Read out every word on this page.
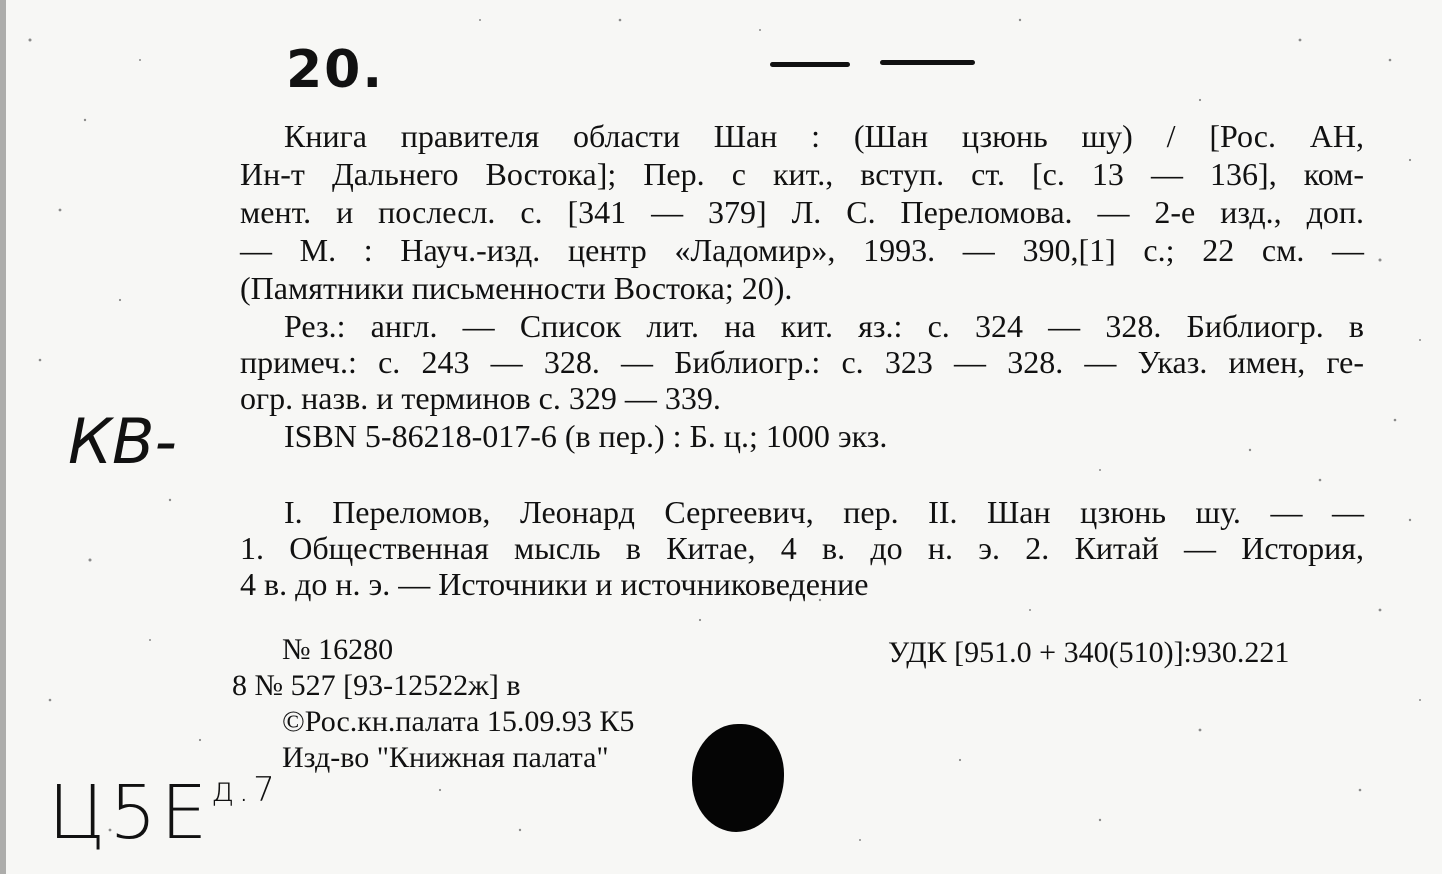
20.
Книга правителя области Шан : (Шан цзюнь шу) / [Рос. АН,
Ин-т Дальнего Востока]; Пер. с кит., вступ. ст. [с. 13 — 136], ком-
мент. и послесл. с. [341 — 379] Л. С. Переломова. — 2-е изд., доп.
— М. : Науч.-изд. центр «Ладомир», 1993. — 390,[1] с.; 22 см. —
(Памятники письменности Востока; 20).
Рез.: англ. — Список лит. на кит. яз.: с. 324 — 328. Библиогр. в
примеч.: с. 243 — 328. — Библиогр.: с. 323 — 328. — Указ. имен, ге-
огр. назв. и терминов с. 329 — 339.
КВ-	ISBN 5-86218-017-6 (в пер.) : Б. ц.; 1000 экз.
I. Переломов, Леонард Сергеевич, пер. II. Шан цзюнь шу. — —
1. Общественная мысль в Китае, 4 в. до н. э. 2. Китай — История,
4 в. до н. э. — Источники и источниковедение
№ 16280
8 № 527 [93-12522ж] в
©Рос.кн.палата 15.09.93 К5
Изд-во "Книжная палата"
УДК [951.0 + 340(510)]:930.221
$Ц5Е^{д.7}$
